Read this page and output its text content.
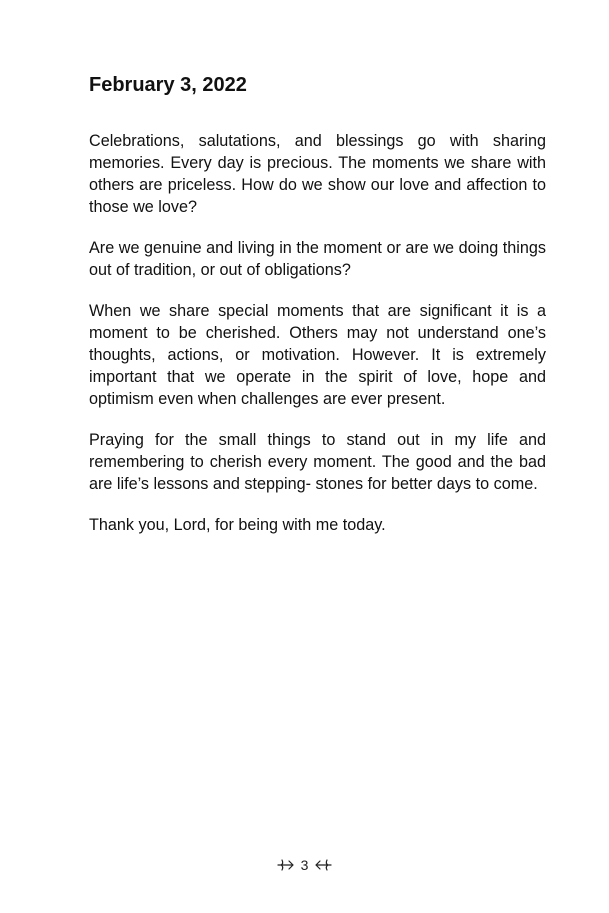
February 3, 2022

Celebrations, salutations, and blessings go with sharing memories. Every day is precious. The moments we share with others are priceless. How do we show our love and affection to those we love?

Are we genuine and living in the moment or are we doing things out of tradition, or out of obligations?

When we share special moments that are significant it is a moment to be cherished. Others may not understand one’s thoughts, actions, or motivation. However. It is extremely important that we operate in the spirit of love, hope and optimism even when challenges are ever present.

Praying for the small things to stand out in my life and remembering to cherish every moment. The good and the bad are life’s lessons and stepping- stones for better days to come.

Thank you, Lord, for being with me today.

3
